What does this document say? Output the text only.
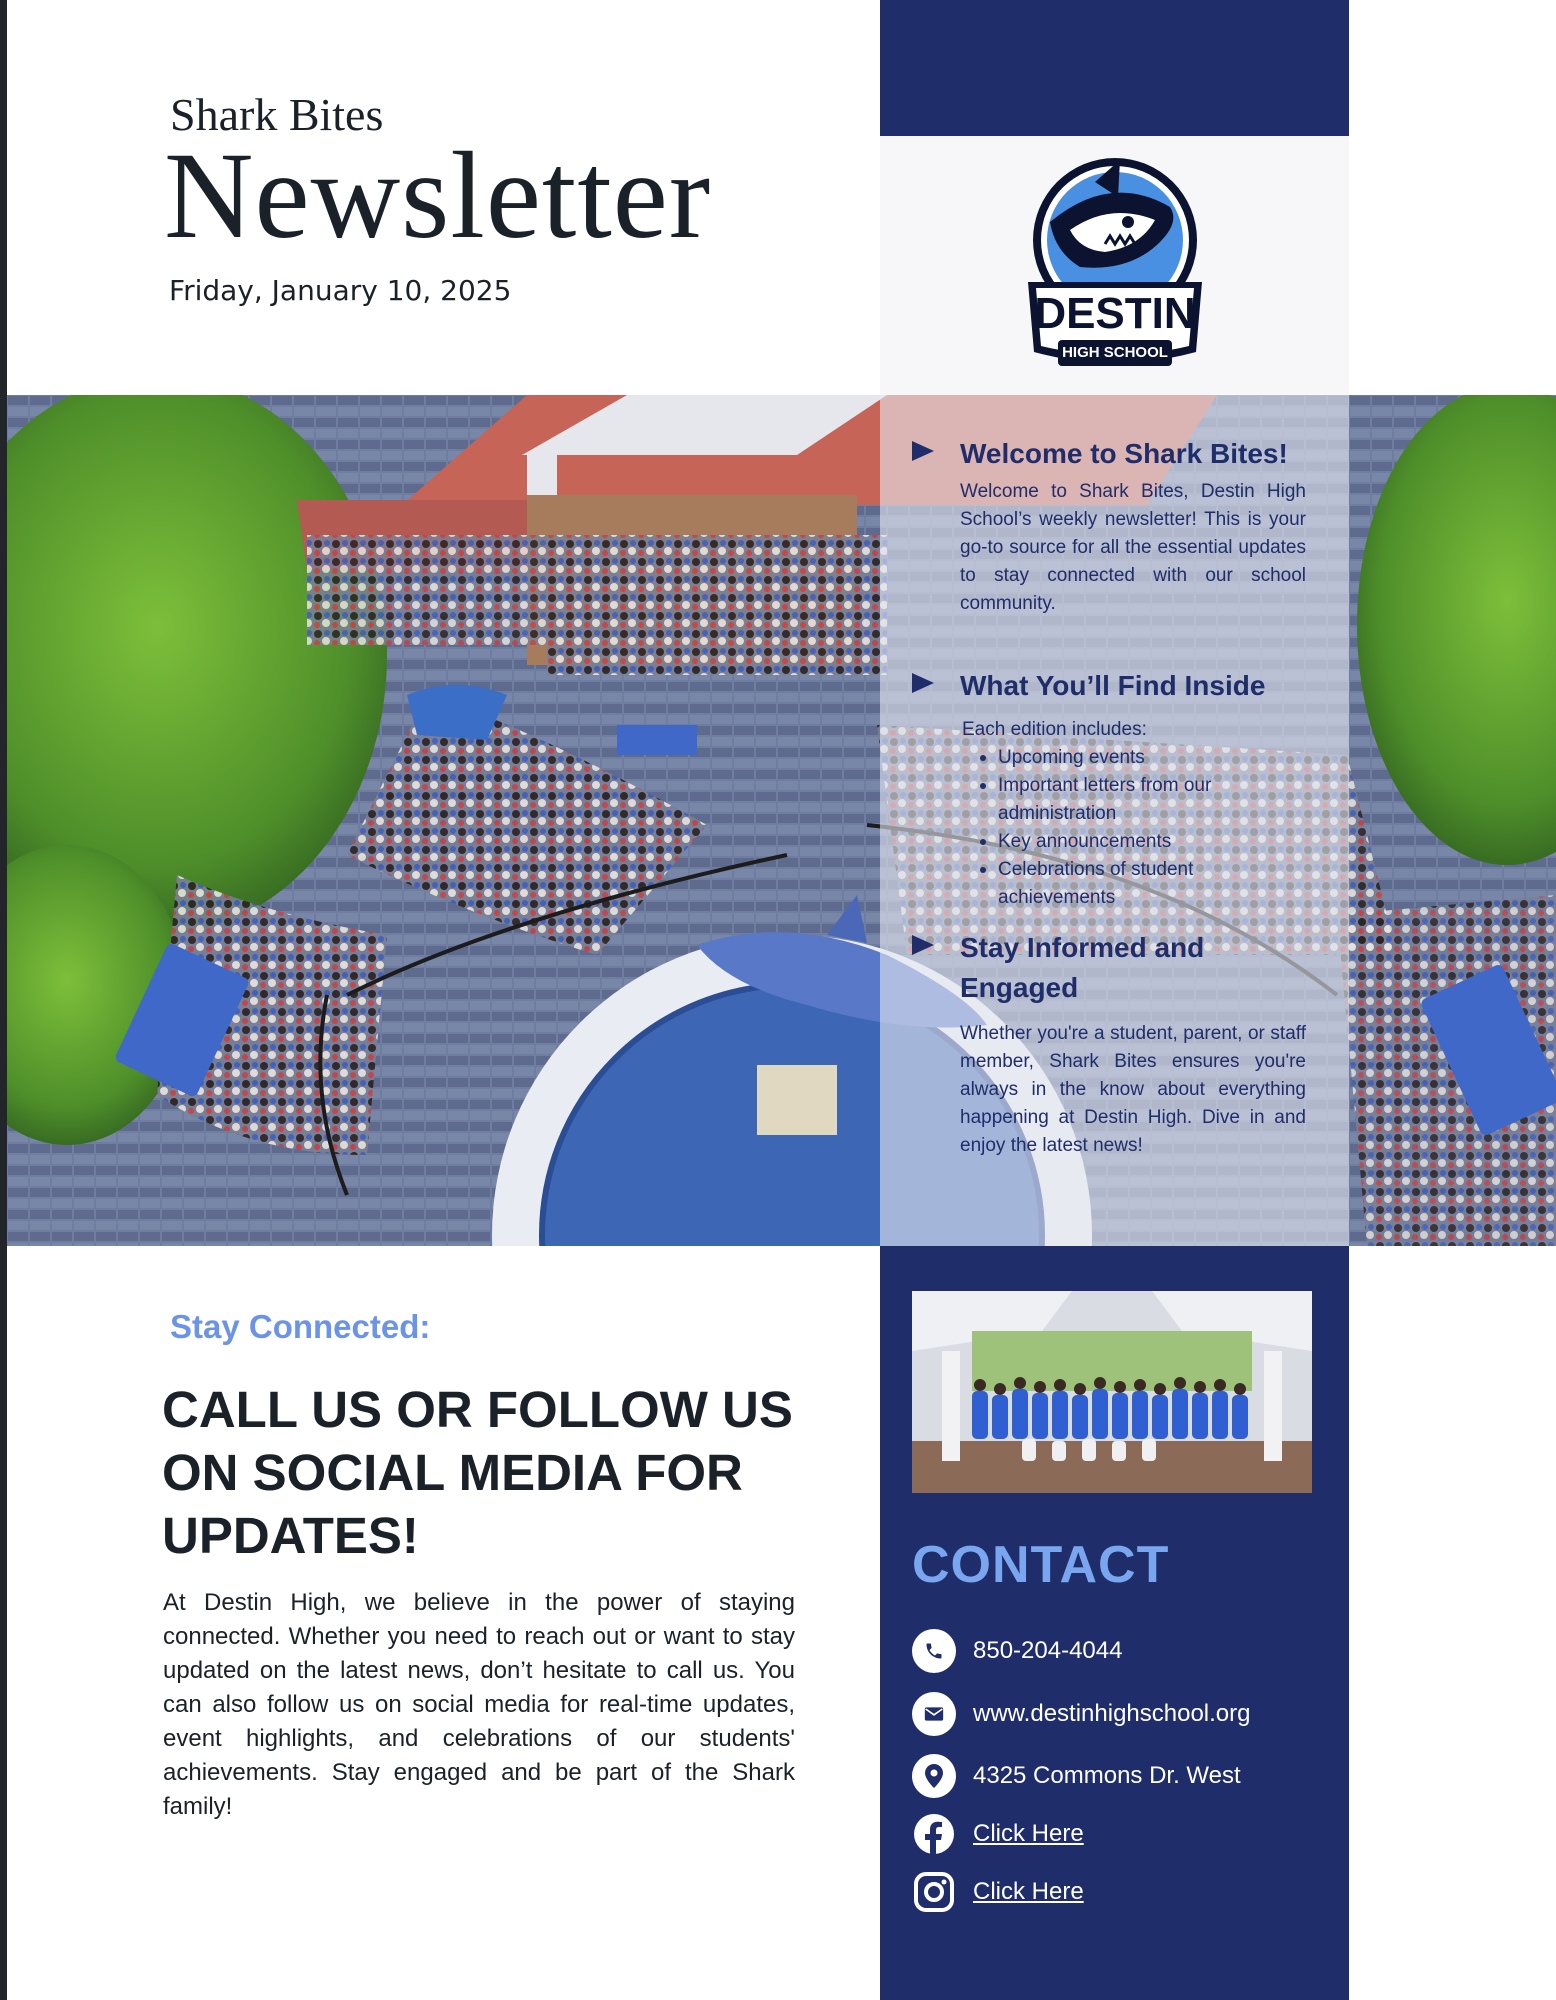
Shark Bites
Newsletter
Friday, January 10, 2025	DESTIN
HIGH SCHOOL
Welcome to Shark Bites!
Welcome to Shark Bites, Destin High School’s weekly newsletter! This is your go-to source for all the essential updates to stay connected with our school community.
What You’ll Find Inside
Each edition includes:
Upcoming events
Important letters from our administration
Key announcements
Celebrations of student achievements
Stay Informed and Engaged
Whether you're a student, parent, or staff member, Shark Bites ensures you're always in the know about everything happening at Destin High. Dive in and enjoy the latest news!
Stay Connected:
CALL US OR FOLLOW US ON SOCIAL MEDIA FOR UPDATES!
At Destin High, we believe in the power of staying connected. Whether you need to reach out or want to stay updated on the latest news, don’t hesitate to call us. You can also follow us on social media for real-time updates, event highlights, and celebrations of our students' achievements. Stay engaged and be part of the Shark family!
CONTACT
850-204-4044
www.destinhighschool.org
4325 Commons Dr. West
Click Here
Click Here
